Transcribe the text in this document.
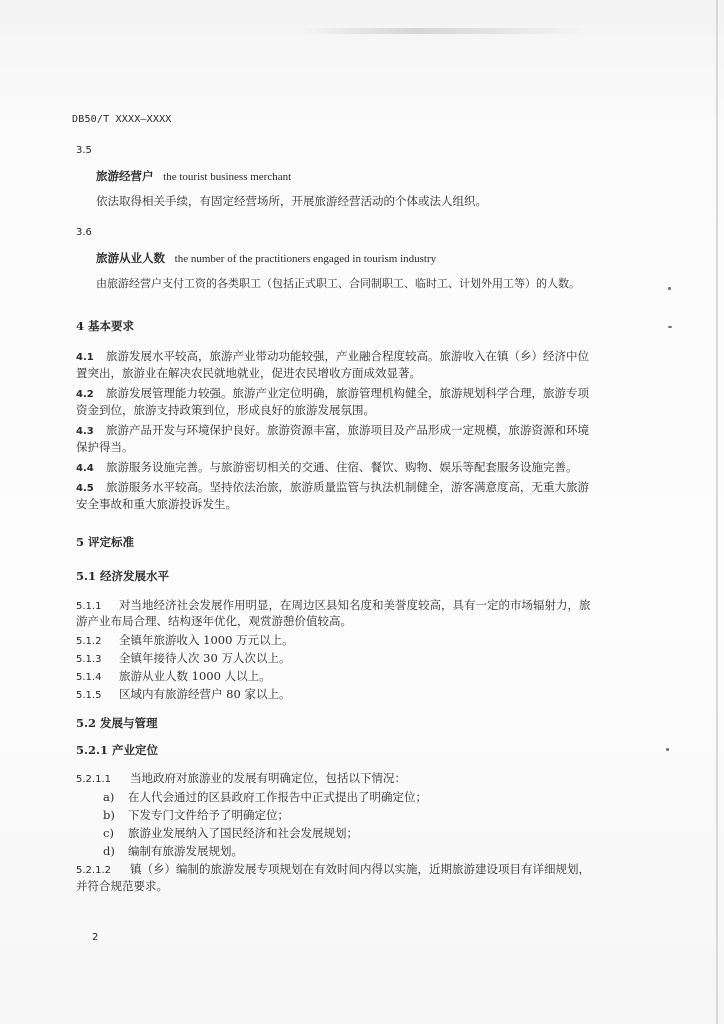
DB50/T XXXX—XXXX
3.5
旅游经营户 the tourist business merchant
依法取得相关手续，有固定经营场所，开展旅游经营活动的个体或法人组织。
3.6
旅游从业人数 the number of the practitioners engaged in tourism industry
由旅游经营户支付工资的各类职工（包括正式职工、合同制职工、临时工、计划外用工等）的人数。
4 基本要求
4.1 旅游发展水平较高，旅游产业带动功能较强，产业融合程度较高。旅游收入在镇（乡）经济中位
置突出，旅游业在解决农民就地就业，促进农民增收方面成效显著。
4.2 旅游发展管理能力较强。旅游产业定位明确，旅游管理机构健全，旅游规划科学合理，旅游专项
资金到位，旅游支持政策到位，形成良好的旅游发展氛围。
4.3 旅游产品开发与环境保护良好。旅游资源丰富，旅游项目及产品形成一定规模，旅游资源和环境
保护得当。
4.4 旅游服务设施完善。与旅游密切相关的交通、住宿、餐饮、购物、娱乐等配套服务设施完善。
4.5 旅游服务水平较高。坚持依法治旅，旅游质量监管与执法机制健全，游客满意度高，无重大旅游
安全事故和重大旅游投诉发生。
5 评定标准
5.1 经济发展水平
5.1.1 对当地经济社会发展作用明显，在周边区县知名度和美誉度较高，具有一定的市场辐射力，旅
游产业布局合理、结构逐年优化，观赏游憩价值较高。
5.1.2 全镇年旅游收入 1000 万元以上。
5.1.3 全镇年接待人次 30 万人次以上。
5.1.4 旅游从业人数 1000 人以上。
5.1.5 区域内有旅游经营户 80 家以上。
5.2 发展与管理
5.2.1 产业定位
5.2.1.1 当地政府对旅游业的发展有明确定位，包括以下情况：
a) 在人代会通过的区县政府工作报告中正式提出了明确定位；
b) 下发专门文件给予了明确定位；
c) 旅游业发展纳入了国民经济和社会发展规划；
d) 编制有旅游发展规划。
5.2.1.2 镇（乡）编制的旅游发展专项规划在有效时间内得以实施，近期旅游建设项目有详细规划，
并符合规范要求。
2
